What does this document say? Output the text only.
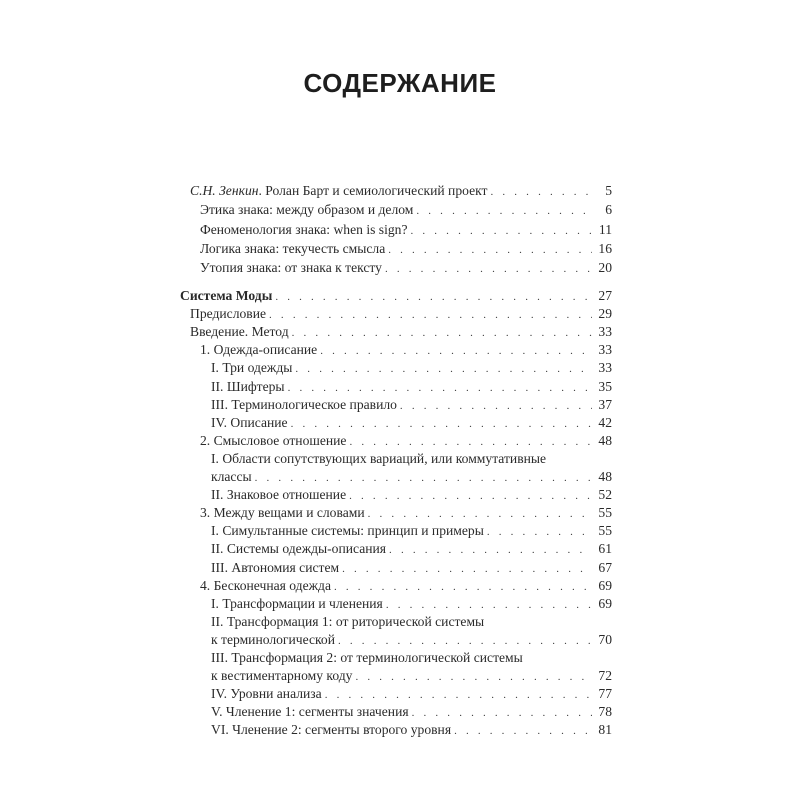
СОДЕРЖАНИЕ
С.Н. Зенкин. Ролан Барт и семиологический проект . . .	5
Этика знака: между образом и делом . . .	6
Феноменология знака: when is sign? . . .	11
Логика знака: текучесть смысла . . .	16
Утопия знака: от знака к тексту . . .	20
Система Моды . . .	27
Предисловие . . .	29
Введение. Метод . . .	33
1. Одежда-описание . . .	33
I. Три одежды . . .	33
II. Шифтеры . . .	35
III. Терминологическое правило . . .	37
IV. Описание . . .	42
2. Смысловое отношение . . .	48
I. Области сопутствующих вариаций, или коммутативные
классы . . .	48
II. Знаковое отношение . . .	52
3. Между вещами и словами . . .	55
I. Симультанные системы: принцип и примеры . . .	55
II. Системы одежды-описания . . .	61
III. Автономия систем . . .	67
4. Бесконечная одежда . . .	69
I. Трансформации и членения . . .	69
II. Трансформация 1: от риторической системы
к терминологической . . .	70
III. Трансформация 2: от терминологической системы
к вестиментарному коду . . .	72
IV. Уровни анализа . . .	77
V. Членение 1: сегменты значения . . .	78
VI. Членение 2: сегменты второго уровня . . .	81
